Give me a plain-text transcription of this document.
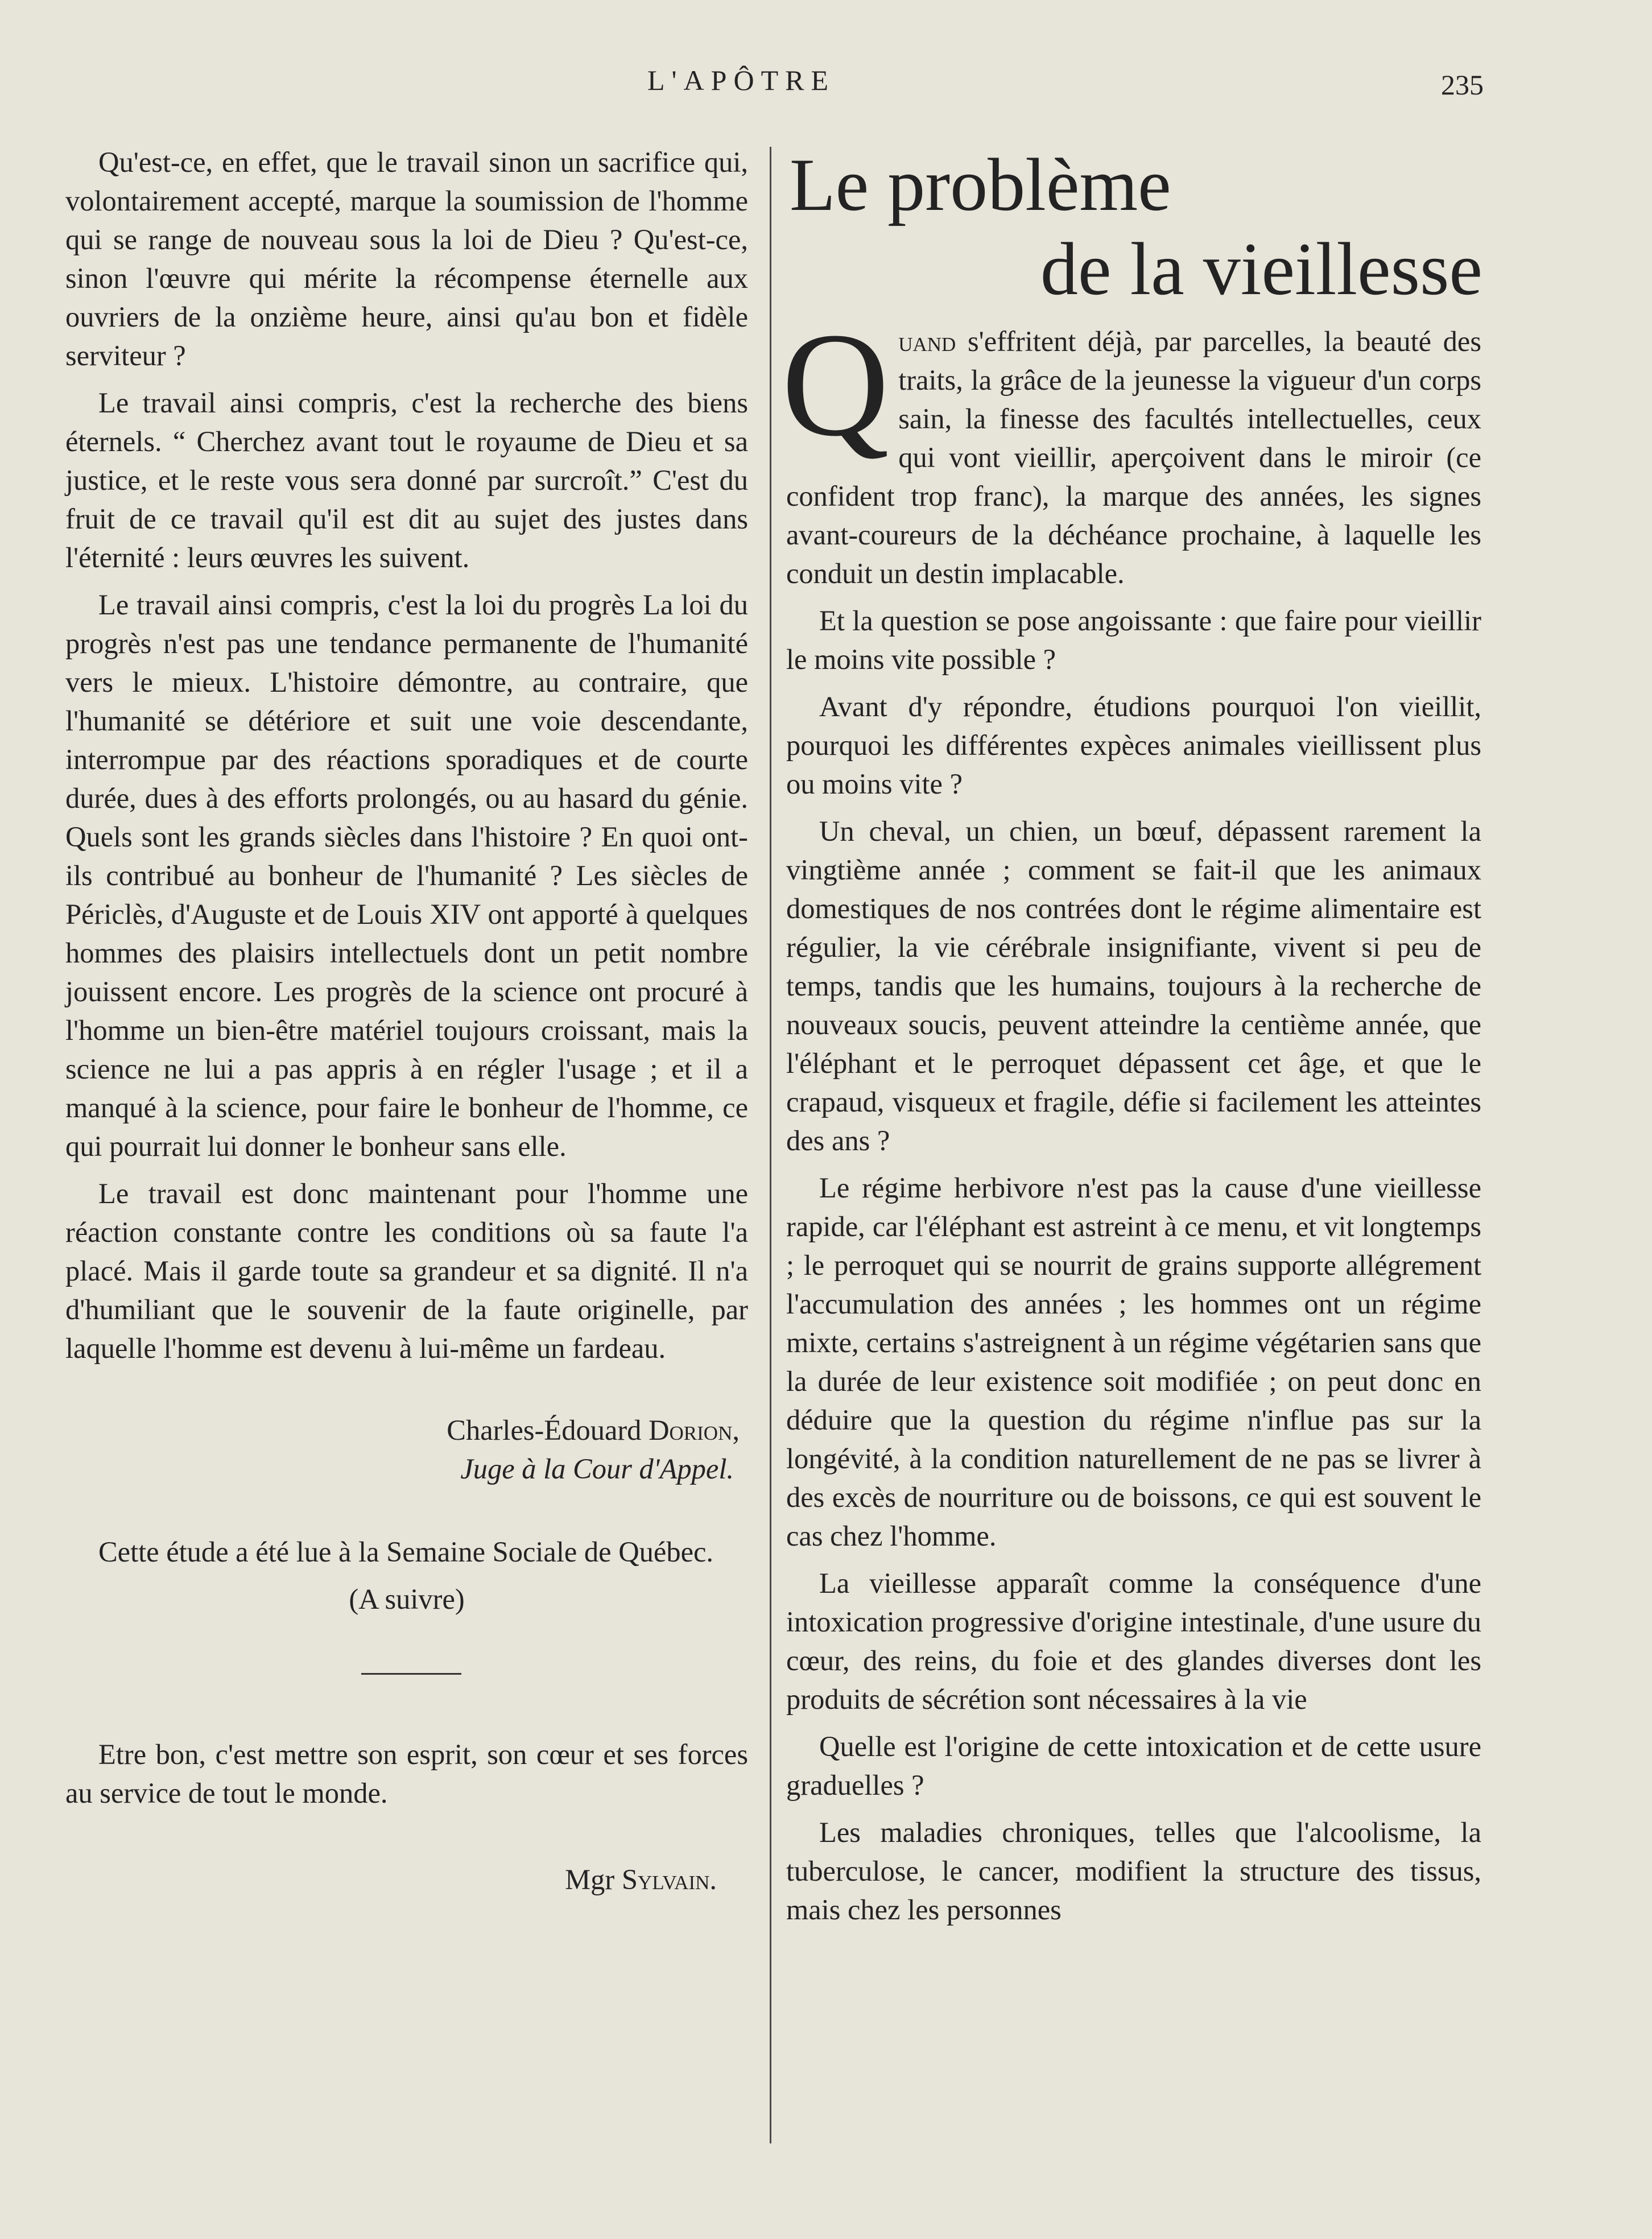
L'APÔTRE	235

Qu'est-ce, en effet, que le travail sinon un sacrifice qui, volontairement accepté, marque la soumission de l'homme qui se range de nouveau sous la loi de Dieu ? Qu'est-ce, sinon l'œuvre qui mérite la récompense éternelle aux ouvriers de la onzième heure, ainsi qu'au bon et fidèle serviteur ?

Le travail ainsi compris, c'est la recherche des biens éternels. “ Cherchez avant tout le royaume de Dieu et sa justice, et le reste vous sera donné par surcroît.” C'est du fruit de ce travail qu'il est dit au sujet des justes dans l'éternité : leurs œuvres les suivent.

Le travail ainsi compris, c'est la loi du progrès La loi du progrès n'est pas une tendance permanente de l'humanité vers le mieux. L'histoire démontre, au contraire, que l'humanité se détériore et suit une voie descendante, interrompue par des réactions sporadiques et de courte durée, dues à des efforts prolongés, ou au hasard du génie. Quels sont les grands siècles dans l'histoire ? En quoi ont-ils contribué au bonheur de l'humanité ? Les siècles de Périclès, d'Auguste et de Louis XIV ont apporté à quelques hommes des plaisirs intellectuels dont un petit nombre jouissent encore. Les progrès de la science ont procuré à l'homme un bien-être matériel toujours croissant, mais la science ne lui a pas appris à en régler l'usage ; et il a manqué à la science, pour faire le bonheur de l'homme, ce qui pourrait lui donner le bonheur sans elle.

Le travail est donc maintenant pour l'homme une réaction constante contre les conditions où sa faute l'a placé. Mais il garde toute sa grandeur et sa dignité. Il n'a d'humiliant que le souvenir de la faute originelle, par laquelle l'homme est devenu à lui-même un fardeau.

Charles-Édouard Dorion,

Juge à la Cour d'Appel.

Cette étude a été lue à la Semaine Sociale de Québec.

(A suivre)

Etre bon, c'est mettre son esprit, son cœur et ses forces au service de tout le monde.

Mgr Sylvain.

Le problème
de la vieillesse

Quand s'effritent déjà, par parcelles, la beauté des traits, la grâce de la jeunesse la vigueur d'un corps sain, la finesse des facultés intellectuelles, ceux qui vont vieillir, aperçoivent dans le miroir (ce confident trop franc), la marque des années, les signes avant-coureurs de la déchéance prochaine, à laquelle les conduit un destin implacable.

Et la question se pose angoissante : que faire pour vieillir le moins vite possible ?

Avant d'y répondre, étudions pourquoi l'on vieillit, pourquoi les différentes expèces animales vieillissent plus ou moins vite ?

Un cheval, un chien, un bœuf, dépassent rarement la vingtième année ; comment se fait-il que les animaux domestiques de nos contrées dont le régime alimentaire est régulier, la vie cérébrale insignifiante, vivent si peu de temps, tandis que les humains, toujours à la recherche de nouveaux soucis, peuvent atteindre la centième année, que l'éléphant et le perroquet dépassent cet âge, et que le crapaud, visqueux et fragile, défie si facilement les atteintes des ans ?

Le régime herbivore n'est pas la cause d'une vieillesse rapide, car l'éléphant est astreint à ce menu, et vit longtemps ; le perroquet qui se nourrit de grains supporte allégrement l'accumulation des années ; les hommes ont un régime mixte, certains s'astreignent à un régime végétarien sans que la durée de leur existence soit modifiée ; on peut donc en déduire que la question du régime n'influe pas sur la longévité, à la condition naturellement de ne pas se livrer à des excès de nourriture ou de boissons, ce qui est souvent le cas chez l'homme.

La vieillesse apparaît comme la conséquence d'une intoxication progressive d'origine intestinale, d'une usure du cœur, des reins, du foie et des glandes diverses dont les produits de sécrétion sont nécessaires à la vie

Quelle est l'origine de cette intoxication et de cette usure graduelles ?

Les maladies chroniques, telles que l'alcoolisme, la tuberculose, le cancer, modifient la structure des tissus, mais chez les personnes
